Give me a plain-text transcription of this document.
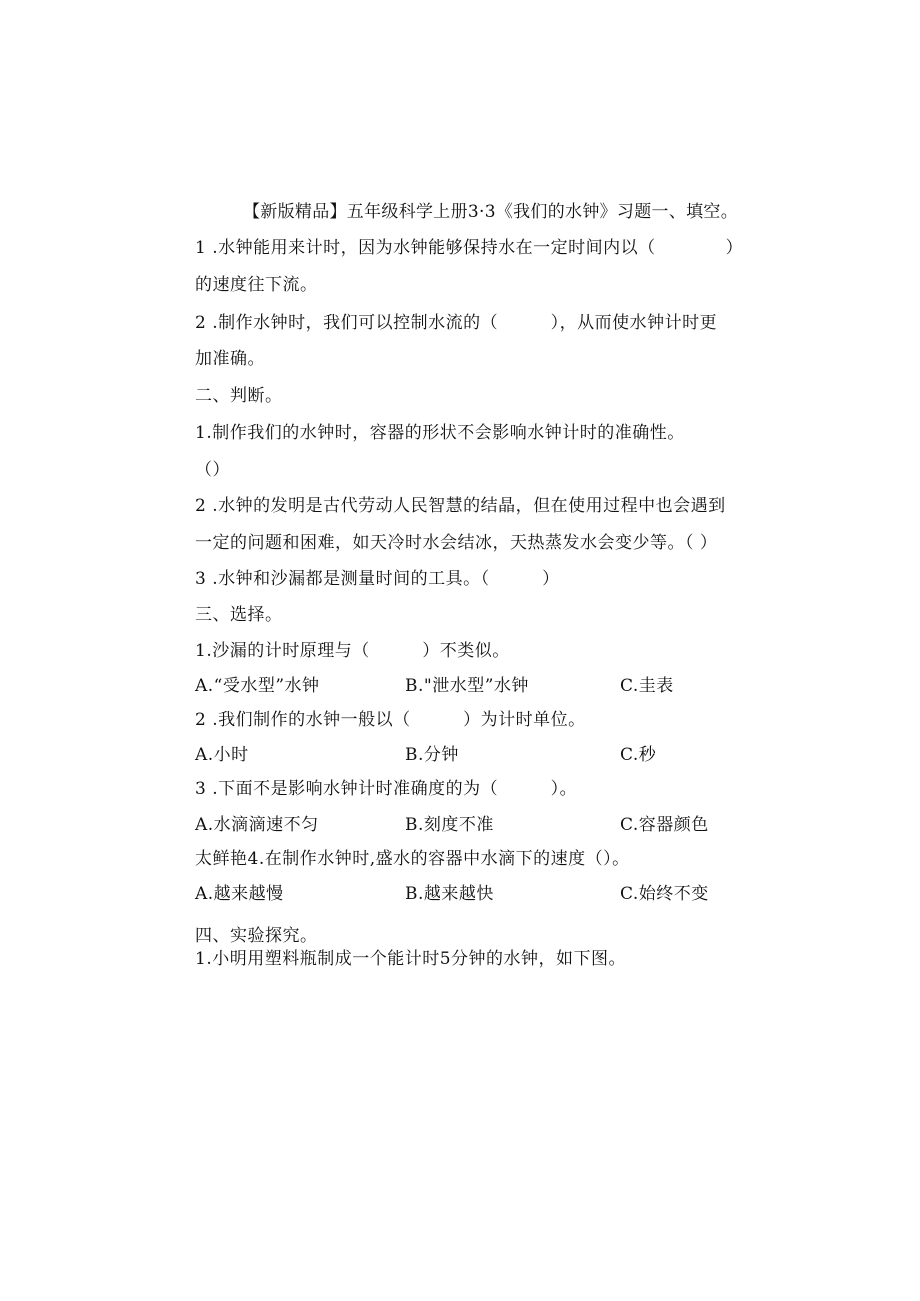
【新版精品】五年级科学上册3·3《我们的水钟》习题一、填空。
1 .水钟能用来计时，因为水钟能够保持水在一定时间内以（　　　　）
的速度往下流。
2 .制作水钟时，我们可以控制水流的（　　　），从而使水钟计时更
加准确。
二、判断。
1.制作我们的水钟时，容器的形状不会影响水钟计时的准确性。
（）
2 .水钟的发明是古代劳动人民智慧的结晶，但在使用过程中也会遇到
一定的问题和困难，如天冷时水会结冰，天热蒸发水会变少等。（ ）
3 .水钟和沙漏都是测量时间的工具。（　　　）
三、选择。
1.沙漏的计时原理与（　　　）不类似。
A.“受水型”水钟	B."泄水型”水钟	C.圭表
2 .我们制作的水钟一般以（　　　）为计时单位。
A.小时	B.分钟	C.秒
3 .下面不是影响水钟计时准确度的为（　　　）。
A.水滴滴速不匀	B.刻度不准	C.容器颜色
太鲜艳4.在制作水钟时,盛水的容器中水滴下的速度（）。
A.越来越慢	B.越来越快	C.始终不变
四、实验探究。
1.小明用塑料瓶制成一个能计时5分钟的水钟，如下图。
